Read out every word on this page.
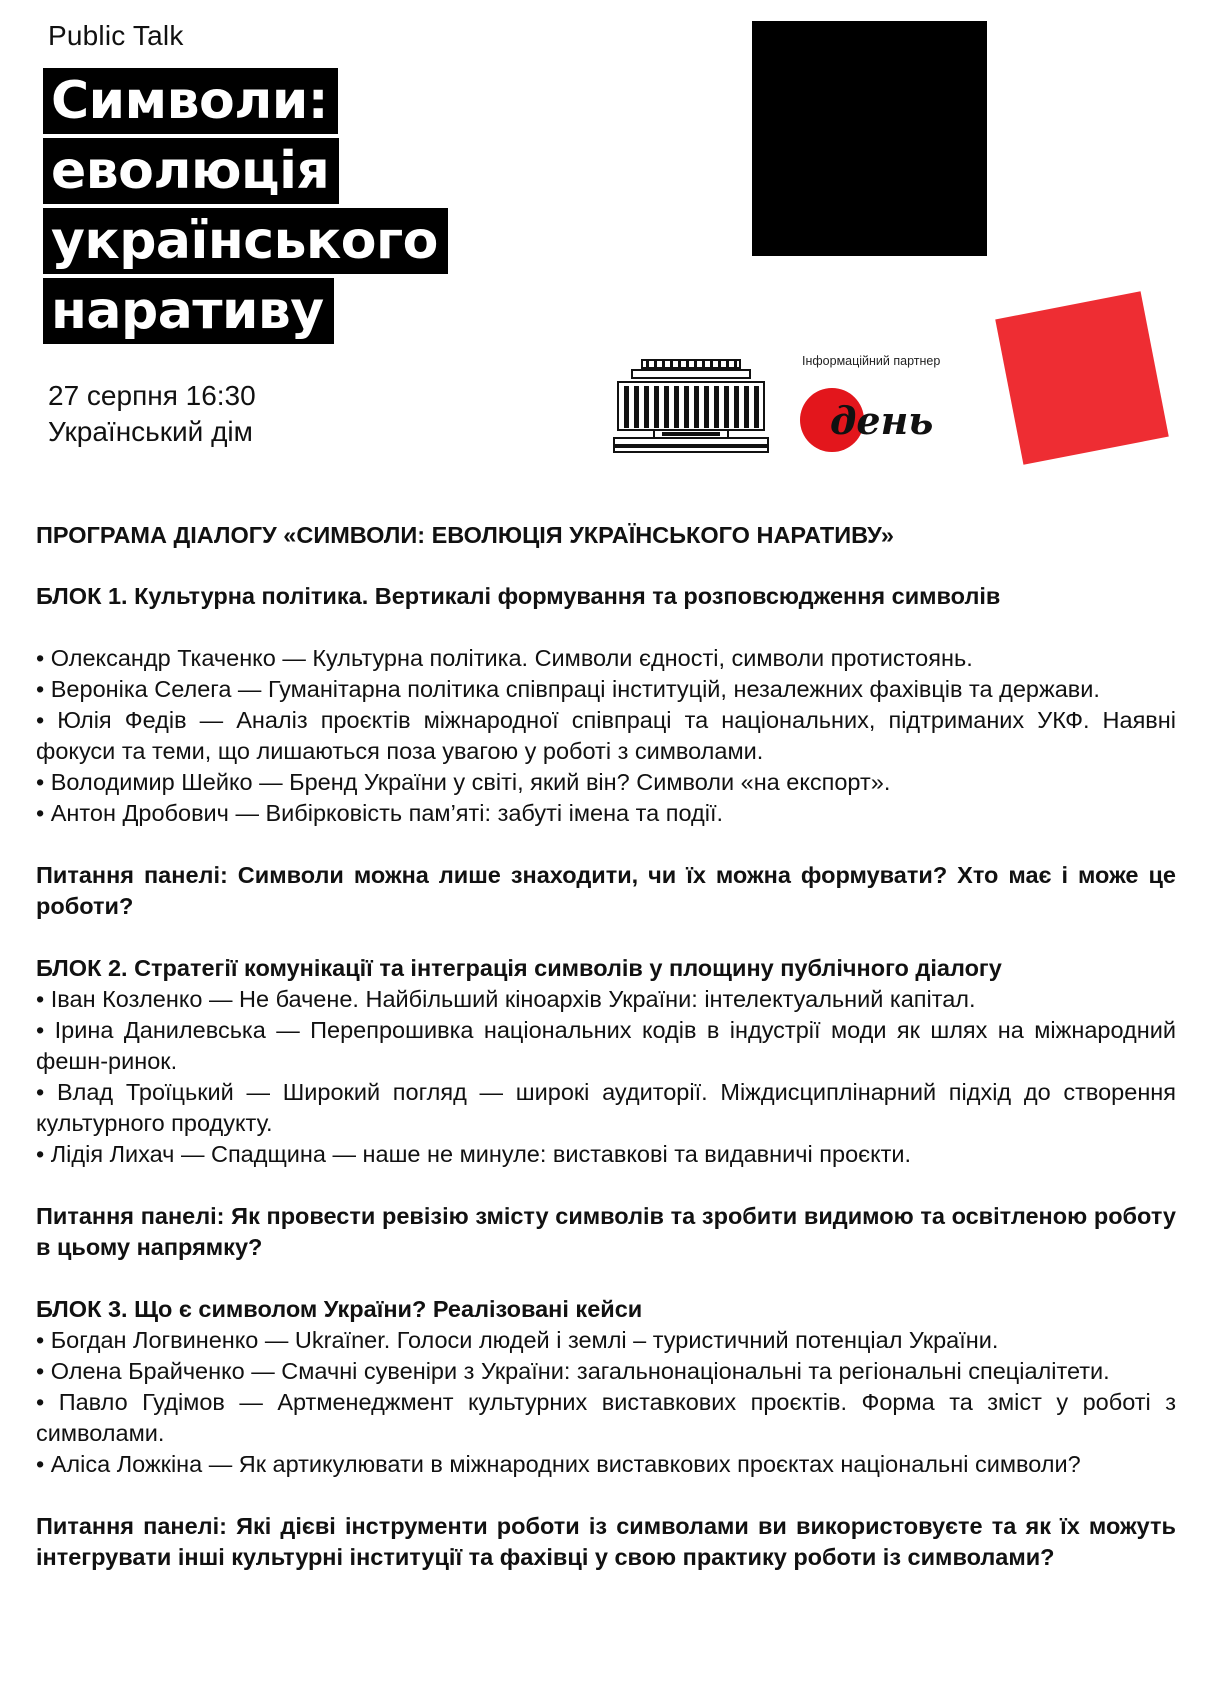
Public Talk
Символи:
еволюція
українського
наративу
27 серпня 16:30
Український дім
Інформаційний партнер
день

ПРОГРАМА ДІАЛОГУ «СИМВОЛИ: ЕВОЛЮЦІЯ УКРАЇНСЬКОГО НАРАТИВУ»

БЛОК 1. Культурна політика. Вертикалі формування та розповсюдження символів

• Олександр Ткаченко — Культурна політика. Символи єдності, символи протистоянь.

• Вероніка Селега — Гуманітарна політика співпраці інституцій, незалежних фахівців та держави.

• Юлія Федів — Аналіз проєктів міжнародної співпраці та національних, підтриманих УКФ. Наявні фокуси та теми, що лишаються поза увагою у роботі з символами.

• Володимир Шейко — Бренд України у світі, який він? Символи «на експорт».

• Антон Дробович — Вибірковість пам’яті: забуті імена та події.

Питання панелі: Символи можна лише знаходити, чи їх можна формувати? Хто має і може це роботи?

БЛОК 2. Стратегії комунікації та інтеграція символів у площину публічного діалогу

• Іван Козленко — Не бачене. Найбільший кіноархів України: інтелектуальний капітал.

• Ірина Данилевська — Перепрошивка національних кодів в індустрії моди як шлях на міжнародний фешн-ринок.

• Влад Троїцький — Широкий погляд — широкі аудиторії. Міждисциплінарний підхід до створення культурного продукту.

• Лідія Лихач — Спадщина — наше не минуле: виставкові та видавничі проєкти.

Питання панелі: Як провести ревізію змісту символів та зробити видимою та освітленою роботу в цьому напрямку?

БЛОК 3. Що є символом України? Реалізовані кейси

• Богдан Логвиненко — Ukraїner. Голоси людей і землі – туристичний потенціал України.

• Олена Брайченко — Смачні сувеніри з України: загальнонаціональні та регіональні спеціалітети.

• Павло Гудімов — Артменеджмент культурних виставкових проєктів. Форма та зміст у роботі з символами.

• Аліса Ложкіна — Як артикулювати в міжнародних виставкових проєктах національні символи?

Питання панелі: Які дієві інструменти роботи із символами ви використовуєте та як їх можуть інтегрувати інші культурні інституції та фахівці у свою практику роботи із символами?
